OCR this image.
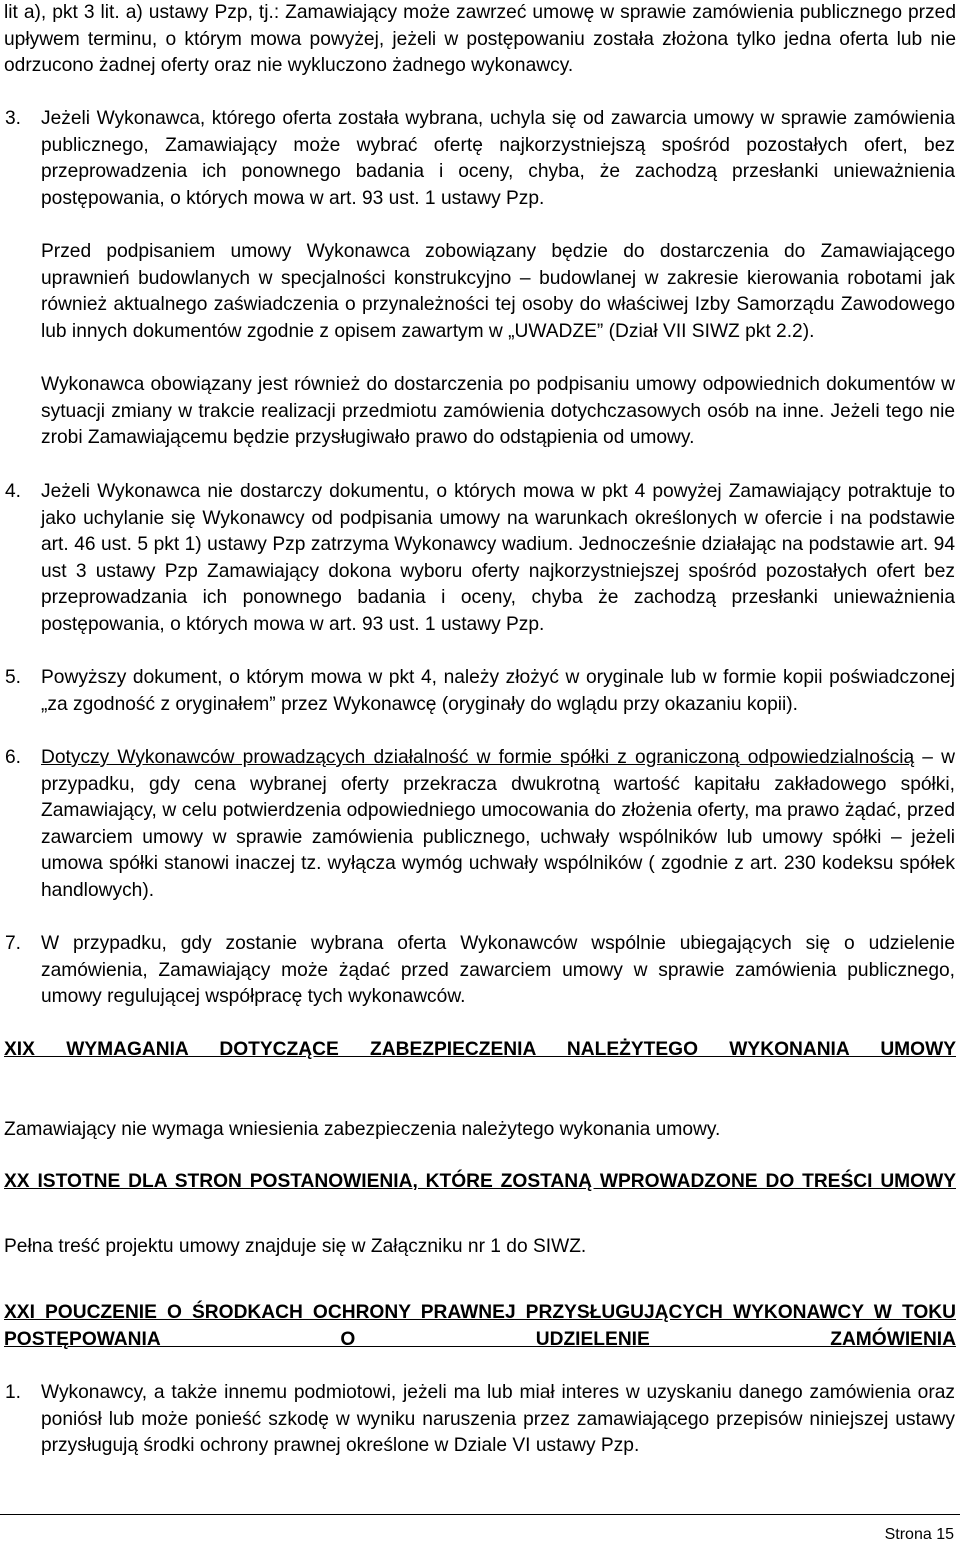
lit a), pkt 3 lit. a) ustawy Pzp, tj.: Zamawiający może zawrzeć umowę w sprawie zamówienia publicznego przed upływem terminu, o którym mowa powyżej, jeżeli w postępowaniu została złożona tylko jedna oferta lub nie odrzucono żadnej oferty oraz nie wykluczono żadnego wykonawcy.

3.	Jeżeli Wykonawca, którego oferta została wybrana, uchyla się od zawarcia umowy w sprawie zamówienia publicznego, Zamawiający może wybrać ofertę najkorzystniejszą spośród pozostałych ofert, bez przeprowadzenia ich ponownego badania i oceny, chyba, że zachodzą przesłanki unieważnienia postępowania, o których mowa w art. 93 ust. 1 ustawy Pzp.

Przed podpisaniem umowy Wykonawca zobowiązany będzie do dostarczenia do Zamawiającego uprawnień budowlanych w specjalności konstrukcyjno – budowlanej w zakresie kierowania robotami jak również aktualnego zaświadczenia o przynależności tej osoby do właściwej Izby Samorządu Zawodowego lub innych dokumentów zgodnie z opisem zawartym w „UWADZE” (Dział VII SIWZ pkt 2.2).

Wykonawca obowiązany jest również do dostarczenia po podpisaniu umowy odpowiednich dokumentów w sytuacji zmiany w trakcie realizacji przedmiotu zamówienia dotychczasowych osób na inne. Jeżeli tego nie zrobi Zamawiającemu będzie przysługiwało prawo do odstąpienia od umowy.

4.	Jeżeli Wykonawca nie dostarczy dokumentu, o których mowa w pkt 4 powyżej Zamawiający potraktuje to jako uchylanie się Wykonawcy od podpisania umowy na warunkach określonych w ofercie i na podstawie art. 46 ust. 5 pkt 1) ustawy Pzp zatrzyma Wykonawcy wadium. Jednocześnie działając na podstawie art. 94 ust 3 ustawy Pzp Zamawiający dokona wyboru oferty najkorzystniejszej spośród pozostałych ofert bez przeprowadzania ich ponownego badania i oceny, chyba że zachodzą przesłanki unieważnienia postępowania, o których mowa w art. 93 ust. 1 ustawy Pzp.

5.	Powyższy dokument, o którym mowa w pkt 4, należy złożyć w oryginale lub w formie kopii poświadczonej „za zgodność z oryginałem” przez Wykonawcę (oryginały do wglądu przy okazaniu kopii).

6.	Dotyczy Wykonawców prowadzących działalność w formie spółki z ograniczoną odpowiedzialnością – w przypadku, gdy cena wybranej oferty przekracza dwukrotną wartość kapitału zakładowego spółki, Zamawiający, w celu potwierdzenia odpowiedniego umocowania do złożenia oferty, ma prawo żądać, przed zawarciem umowy w sprawie zamówienia publicznego, uchwały wspólników lub umowy spółki – jeżeli umowa spółki stanowi inaczej tz. wyłącza wymóg uchwały wspólników ( zgodnie z art. 230 kodeksu spółek handlowych).

7.	W przypadku, gdy zostanie wybrana oferta Wykonawców wspólnie ubiegających się o udzielenie zamówienia, Zamawiający może żądać przed zawarciem umowy w sprawie zamówienia publicznego, umowy regulującej współpracę tych wykonawców.

XIX WYMAGANIA DOTYCZĄCE ZABEZPIECZENIA NALEŻYTEGO WYKONANIA UMOWY

Zamawiający nie wymaga wniesienia zabezpieczenia należytego wykonania umowy.

XX ISTOTNE DLA STRON POSTANOWIENIA, KTÓRE ZOSTANĄ WPROWADZONE DO TREŚCI UMOWY

Pełna treść projektu umowy znajduje się w Załączniku nr 1 do SIWZ.

XXI POUCZENIE O ŚRODKACH OCHRONY PRAWNEJ PRZYSŁUGUJĄCYCH WYKONAWCY W TOKU POSTĘPOWANIA O UDZIELENIE ZAMÓWIENIA

1.	Wykonawcy, a także innemu podmiotowi, jeżeli ma lub miał interes w uzyskaniu danego zamówienia oraz poniósł lub może ponieść szkodę w wyniku naruszenia przez zamawiającego przepisów niniejszej ustawy przysługują środki ochrony prawnej określone w Dziale VI ustawy Pzp.

Strona 15
